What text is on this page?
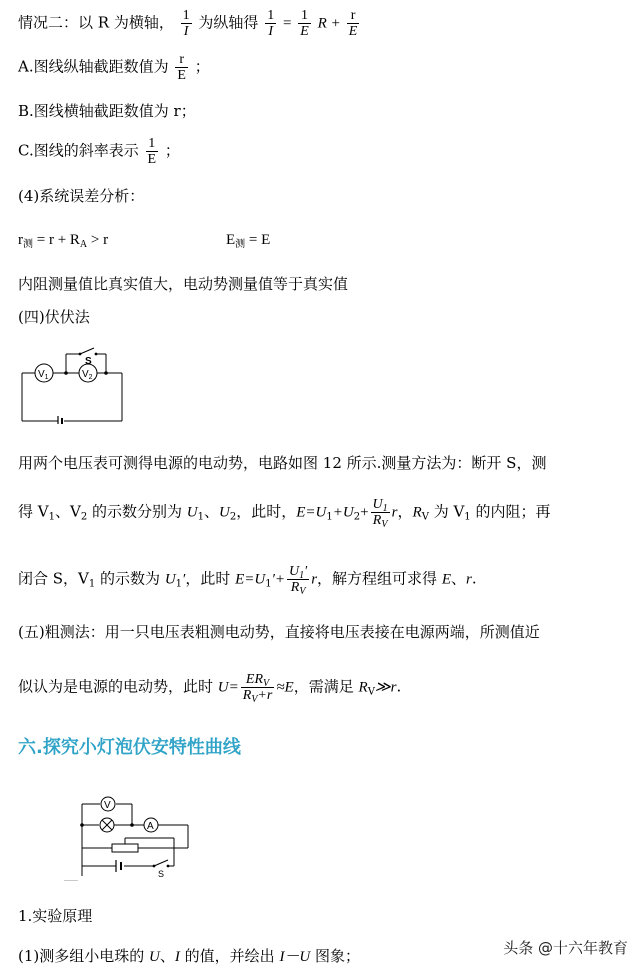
情况二：以 R 为横轴， $\frac{1}{I}$ 为纵轴得 $\frac{1}{I} = \frac{1}{E}$ $R + \frac{r}{E}$
A.图线纵轴截距数值为 $\frac{r}{E}$ ；
B.图线横轴截距数值为 r；
C.图线的斜率表示 $\frac{1}{E}$ ；
(4)系统误差分析：
$r_测 = r + R_A > r$	$E_测 = E$
内阻测量值比真实值大，电动势测量值等于真实值
(四)伏伏法
$V_1$	$V_2$
S
用两个电压表可测得电源的电动势，电路如图 12 所示.测量方法为：断开 S，测
得 $V_1$、$V_2$ 的示数分别为 $U_1$、$U_2$，此时，$E=U_1+U_2+ \frac{U_1}{R_V}$ r，$R_V$ 为 $V_1$ 的内阻；再
闭合 S，$V_1$ 的示数为 $U_1'$，此时 $E=U_1'+ \frac{U_1'}{R_V}$ r，解方程组可求得 E、r.
(五)粗测法：用一只电压表粗测电动势，直接将电压表接在电源两端，所测值近
似认为是电源的电动势，此时 $U= \frac{ER_V}{R_V+r} \approx E$，需满足 $R_V≫r$.
六.探究小灯泡伏安特性曲线
V
A
S
1.实验原理
(1)测多组小电珠的 U、I 的值，并绘出 I－U 图象；	头条 @十六年教育
